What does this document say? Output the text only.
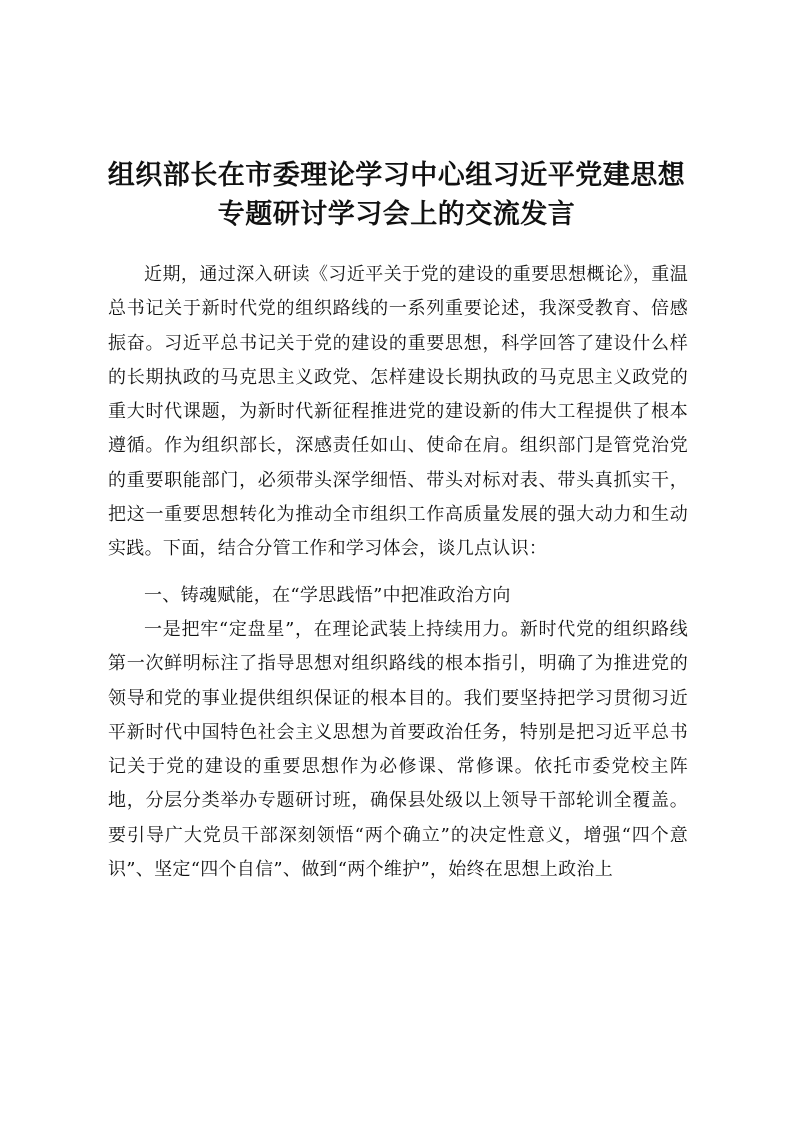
组织部长在市委理论学习中心组习近平党建思想专题研讨学习会上的交流发言

近期，通过深入研读《习近平关于党的建设的重要思想概论》，重温总书记关于新时代党的组织路线的一系列重要论述，我深受教育、倍感振奋。习近平总书记关于党的建设的重要思想，科学回答了建设什么样的长期执政的马克思主义政党、怎样建设长期执政的马克思主义政党的重大时代课题，为新时代新征程推进党的建设新的伟大工程提供了根本遵循。作为组织部长，深感责任如山、使命在肩。组织部门是管党治党的重要职能部门，必须带头深学细悟、带头对标对表、带头真抓实干，把这一重要思想转化为推动全市组织工作高质量发展的强大动力和生动实践。下面，结合分管工作和学习体会，谈几点认识：

一、铸魂赋能，在“学思践悟”中把准政治方向

一是把牢“定盘星”，在理论武装上持续用力。新时代党的组织路线第一次鲜明标注了指导思想对组织路线的根本指引，明确了为推进党的领导和党的事业提供组织保证的根本目的。我们要坚持把学习贯彻习近平新时代中国特色社会主义思想为首要政治任务，特别是把习近平总书记关于党的建设的重要思想作为必修课、常修课。依托市委党校主阵地，分层分类举办专题研讨班，确保县处级以上领导干部轮训全覆盖。要引导广大党员干部深刻领悟“两个确立”的决定性意义，增强“四个意识”、坚定“四个自信”、做到“两个维护”，始终在思想上政治上
